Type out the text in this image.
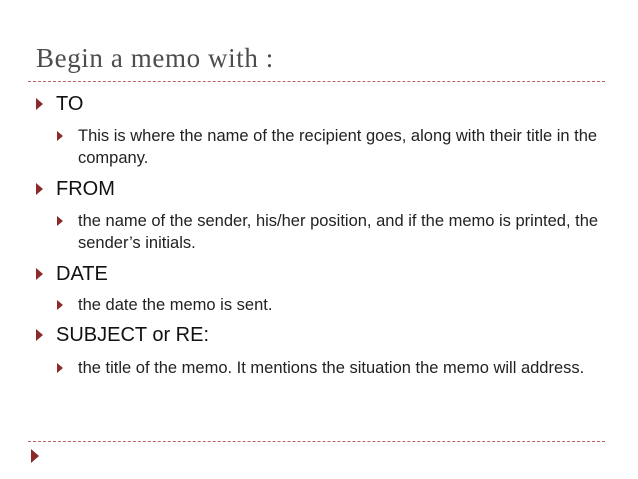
Begin a memo with :
TO
This is where the name of the recipient goes, along with their title in the company.
FROM
the name of the sender, his/her position, and if the memo is printed, the sender’s initials.
DATE
the date the memo is sent.
SUBJECT or RE:
the title of the memo. It mentions the situation the memo will address.
